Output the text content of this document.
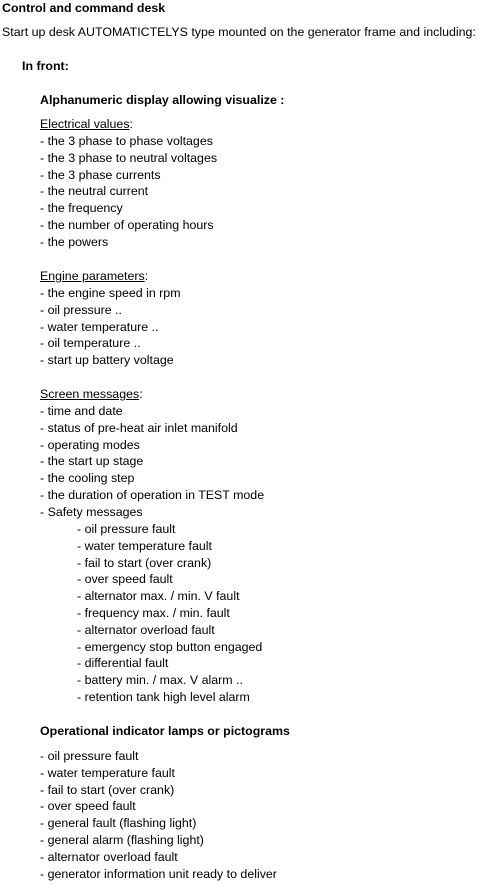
Control and command desk
Start up desk AUTOMATICTELYS type mounted on the generator frame and including:
In front:
Alphanumeric display allowing visualize :
Electrical values:
- the 3 phase to phase voltages
- the 3 phase to neutral voltages
- the 3 phase currents
- the neutral current
- the frequency
- the number of operating hours
- the powers
Engine parameters:
- the engine speed in rpm
- oil pressure ..
- water temperature ..
- oil temperature ..
- start up battery voltage
Screen messages:
- time and date
- status of pre-heat air inlet manifold
- operating modes
- the start up stage
- the cooling step
- the duration of operation in TEST mode
- Safety messages
- oil pressure fault
- water temperature fault
- fail to start (over crank)
- over speed fault
- alternator max. / min. V fault
- frequency max. / min. fault
- alternator overload fault
- emergency stop button engaged
- differential fault
- battery min. / max. V alarm ..
- retention tank high level alarm
Operational indicator lamps or pictograms
- oil pressure fault
- water temperature fault
- fail to start (over crank)
- over speed fault
- general fault (flashing light)
- general alarm (flashing light)
- alternator overload fault
- generator information unit ready to deliver
